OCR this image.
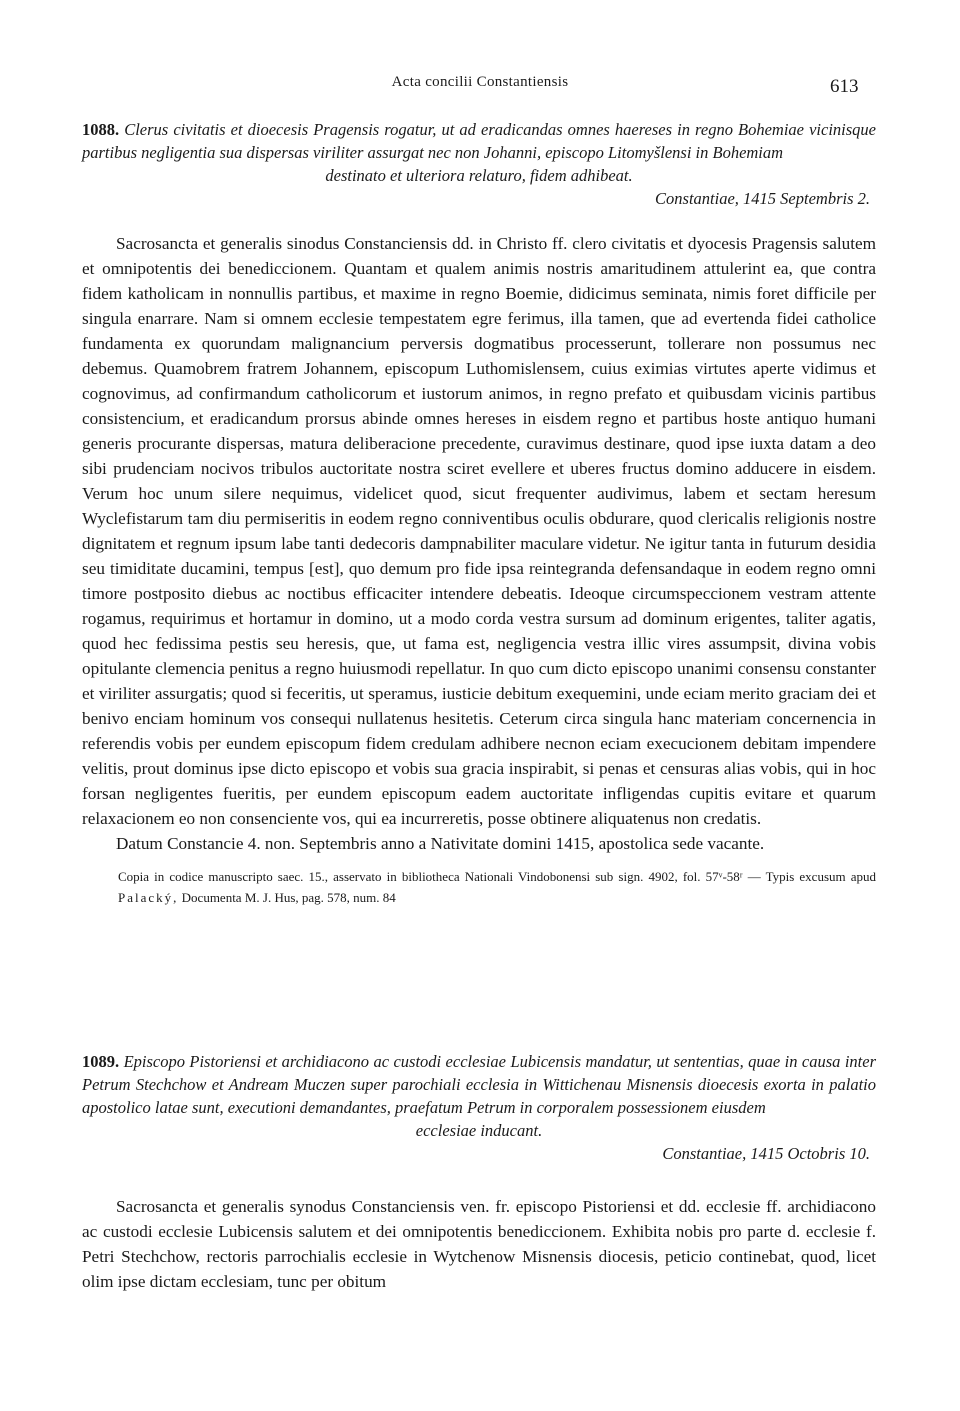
Acta concilii Constantiensis	613
1088. Clerus civitatis et dioecesis Pragensis rogatur, ut ad eradicandas omnes haereses in regno Bohemiae vicinisque partibus negligentia sua dispersas viriliter assurgat nec non Johanni, episcopo Litomyšlensi in Bohemiam
destinato et ulteriora relaturo, fidem adhibeat.
Constantiae, 1415 Septembris 2.

Sacrosancta et generalis sinodus Constanciensis dd. in Christo ff. clero civitatis et dyocesis Pragensis salutem et omnipotentis dei benediccionem. Quantam et qualem animis nostris amaritudinem attulerint ea, que contra fidem katholicam in nonnullis partibus, et maxime in regno Boemie, didicimus seminata, nimis foret difficile per singula enarrare. Nam si omnem ecclesie tempestatem egre ferimus, illa tamen, que ad evertenda fidei catholice fundamenta ex quorundam malignancium perversis dogmatibus processerunt, tollerare non possumus nec debemus. Quamobrem fratrem Johannem, episcopum Luthomislensem, cuius eximias virtutes aperte vidimus et cognovimus, ad confirmandum catholicorum et iustorum animos, in regno prefato et quibusdam vicinis partibus consistencium, et eradicandum prorsus abinde omnes hereses in eisdem regno et partibus hoste antiquo humani generis procurante dispersas, matura deliberacione precedente, curavimus destinare, quod ipse iuxta datam a deo sibi prudenciam nocivos tribulos auctoritate nostra sciret evellere et uberes fructus domino adducere in eisdem. Verum hoc unum silere nequimus, videlicet quod, sicut frequenter audivimus, labem et sectam heresum Wyclefistarum tam diu permiseritis in eodem regno conniventibus oculis obdurare, quod clericalis religionis nostre dignitatem et regnum ipsum labe tanti dedecoris dampnabiliter maculare videtur. Ne igitur tanta in futurum desidia seu timiditate ducamini, tempus [est], quo demum pro fide ipsa reintegranda defensandaque in eodem regno omni timore postposito diebus ac noctibus efficaciter intendere debeatis. Ideoque circumspeccionem vestram attente rogamus, requirimus et hortamur in domino, ut a modo corda vestra sursum ad dominum erigentes, taliter agatis, quod hec fedissima pestis seu heresis, que, ut fama est, negligencia vestra illic vires assumpsit, divina vobis opitulante clemencia penitus a regno huiusmodi repellatur. In quo cum dicto episcopo unanimi consensu constanter et viriliter assurgatis; quod si feceritis, ut speramus, iusticie debitum exequemini, unde eciam merito graciam dei et benivo enciam hominum vos consequi nullatenus hesitetis. Ceterum circa singula hanc materiam concernencia in referendis vobis per eundem episcopum fidem credulam adhibere necnon eciam execucionem debitam impendere velitis, prout dominus ipse dicto episcopo et vobis sua gracia inspirabit, si penas et censuras alias vobis, qui in hoc forsan negligentes fueritis, per eundem episcopum eadem auctoritate infligendas cupitis evitare et quarum relaxacionem eo non consenciente vos, qui ea incurreretis, posse obtinere aliquatenus non credatis.

Datum Constancie 4. non. Septembris anno a Nativitate domini 1415, apostolica sede vacante.

Copia in codice manuscripto saec. 15., asservato in bibliotheca Nationali Vindobonensi sub sign. 4902, fol. 57ᵛ-58ʳ — Typis excusum apud Palacký, Documenta M. J. Hus, pag. 578, num. 84
1089. Episcopo Pistoriensi et archidiacono ac custodi ecclesiae Lubicensis mandatur, ut sententias, quae in causa inter Petrum Stechchow et Andream Muczen super parochiali ecclesia in Wittichenau Misnensis dioecesis exorta in palatio apostolico latae sunt, executioni demandantes, praefatum Petrum in corporalem possessionem eiusdem
ecclesiae inducant.
Constantiae, 1415 Octobris 10.

Sacrosancta et generalis synodus Constanciensis ven. fr. episcopo Pistoriensi et dd. ecclesie ff. archidiacono ac custodi ecclesie Lubicensis salutem et dei omnipotentis benediccionem. Exhibita nobis pro parte d. ecclesie f. Petri Stechchow, rectoris parrochialis ecclesie in Wytchenow Misnensis diocesis, peticio continebat, quod, licet olim ipse dictam ecclesiam, tunc per obitum
